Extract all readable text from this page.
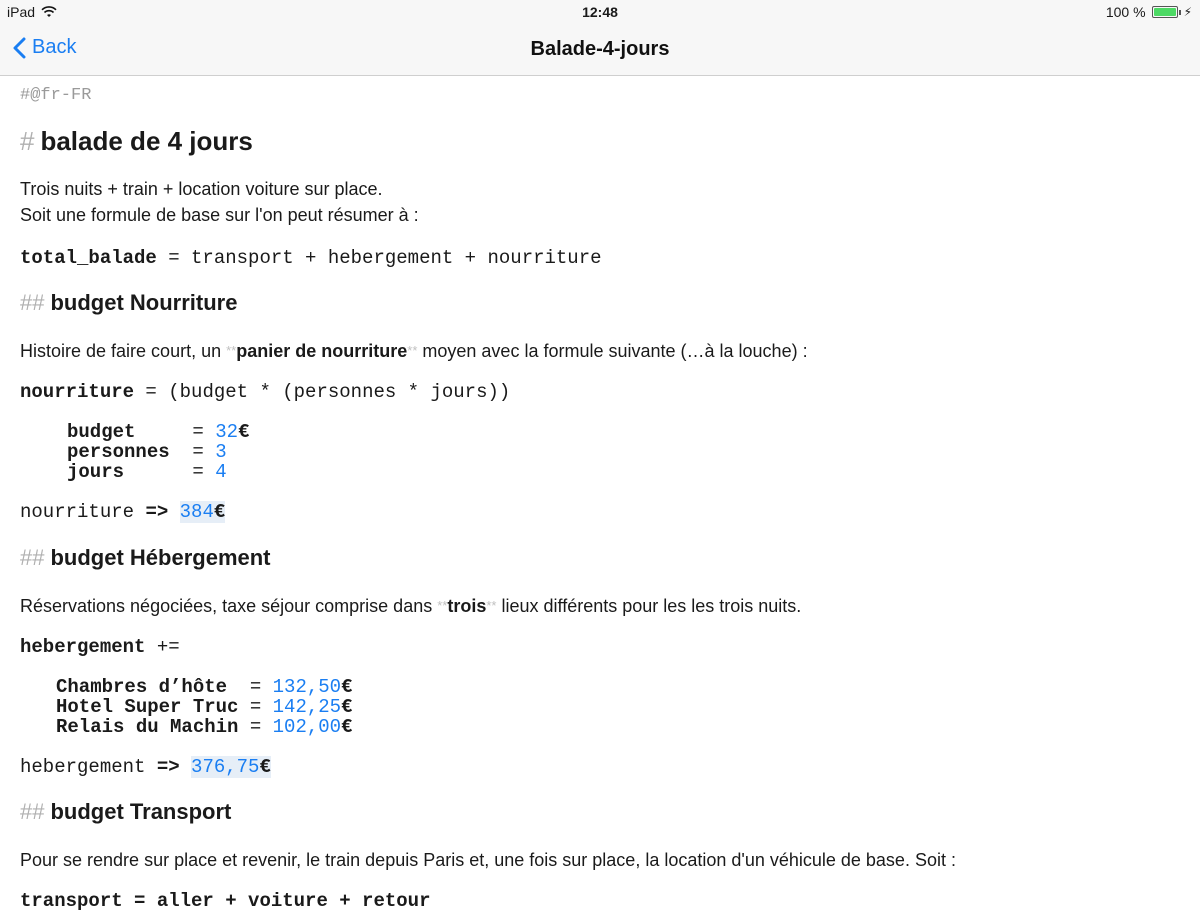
iPad	12:48	100 %	⚡
Back	Balade-4-jours
#@fr-FR
# balade de 4 jours
Trois nuits + train + location voiture sur place.
Soit une formule de base sur l'on peut résumer à :
total_balade = transport + hebergement + nourriture
## budget Nourriture
Histoire de faire court, un **panier de nourriture** moyen avec la formule suivante (…à la louche) :
nourriture = (budget * (personnes * jours))
budget     = 32€
personnes  = 3
jours      = 4
nourriture => 384€
## budget Hébergement
Réservations négociées, taxe séjour comprise dans **trois** lieux différents pour les les trois nuits.
hebergement +=
Chambres d’hôte  = 132,50€
Hotel Super Truc = 142,25€
Relais du Machin = 102,00€
hebergement => 376,75€
## budget Transport
Pour se rendre sur place et revenir, le train depuis Paris et, une fois sur place, la location d'un véhicule de base. Soit :
transport = aller + voiture + retour
